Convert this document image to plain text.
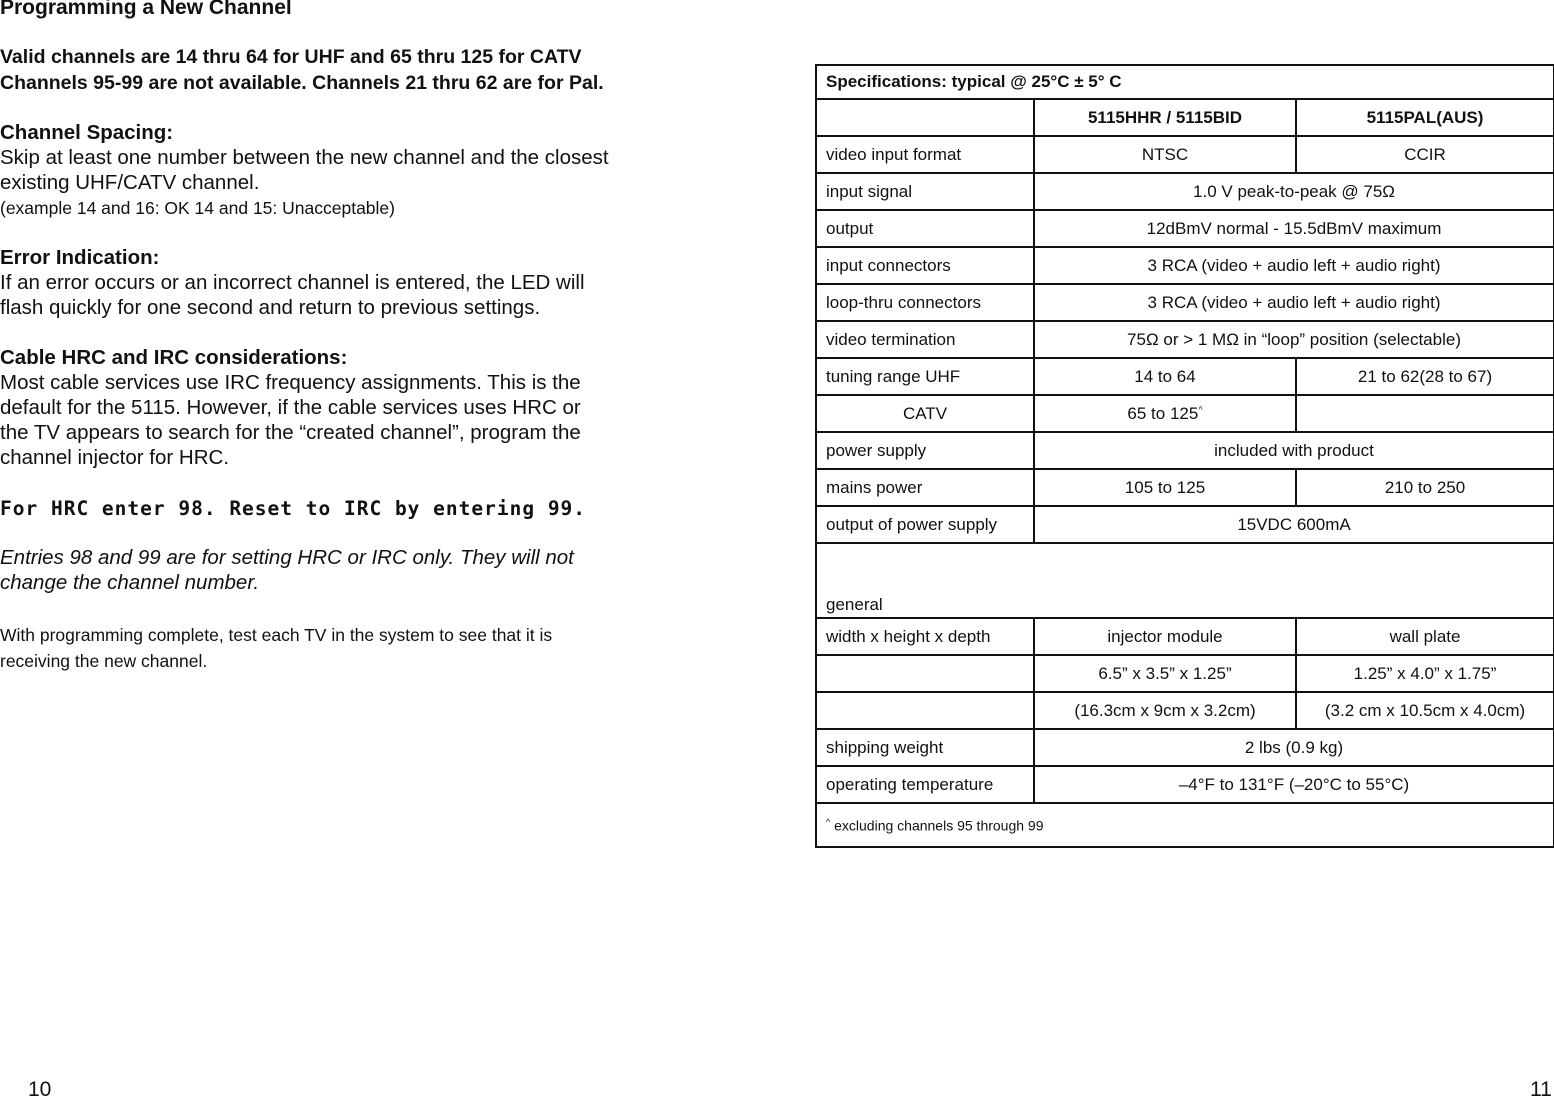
Programming a New Channel

Valid channels are 14 thru 64 for UHF and 65 thru 125 for CATV
Channels 95-99 are not available. Channels 21 thru 62 are for Pal.

Channel Spacing:
Skip at least one number between the new channel and the closest
existing UHF/CATV channel.
(example 14 and 16: OK 14 and 15: Unacceptable)

Error Indication:
If an error occurs or an incorrect channel is entered, the LED will
flash quickly for one second and return to previous settings.

Cable HRC and IRC considerations:
Most cable services use IRC frequency assignments. This is the
default for the 5115. However, if the cable services uses HRC or
the TV appears to search for the “created channel”, program the
channel injector for HRC.

For HRC enter 98. Reset to IRC by entering 99.

Entries 98 and 99 are for setting HRC or IRC only. They will not
change the channel number.

With programming complete, test each TV in the system to see that it is
receiving the new channel.

10
Specifications: typical @ 25°C ± 5° C		
	5115HHR / 5115BID	5115PAL(AUS)
video input format	NTSC	CCIR
input signal	1.0 V peak-to-peak @ 75Ω	
output	12dBmV normal - 15.5dBmV maximum	
input connectors	3 RCA (video + audio left + audio right)	
loop-thru connectors	3 RCA (video + audio left + audio right)	
video termination	75Ω or > 1 MΩ in “loop” position (selectable)	
tuning range UHF	14 to 64	21 to 62(28 to 67)
CATV	65 to 125^	
power supply	included with product	
mains power	105 to 125	210 to 250
output of power supply	15VDC 600mA	
general		
width x height x depth	injector module	wall plate
	6.5” x 3.5” x 1.25”	1.25” x 4.0” x 1.75”
	(16.3cm x 9cm x 3.2cm)	(3.2 cm x 10.5cm x 4.0cm)
shipping weight	2 lbs (0.9 kg)	
operating temperature	–4°F to 131°F (–20°C to 55°C)	
^ excluding channels 95 through 99		
11
